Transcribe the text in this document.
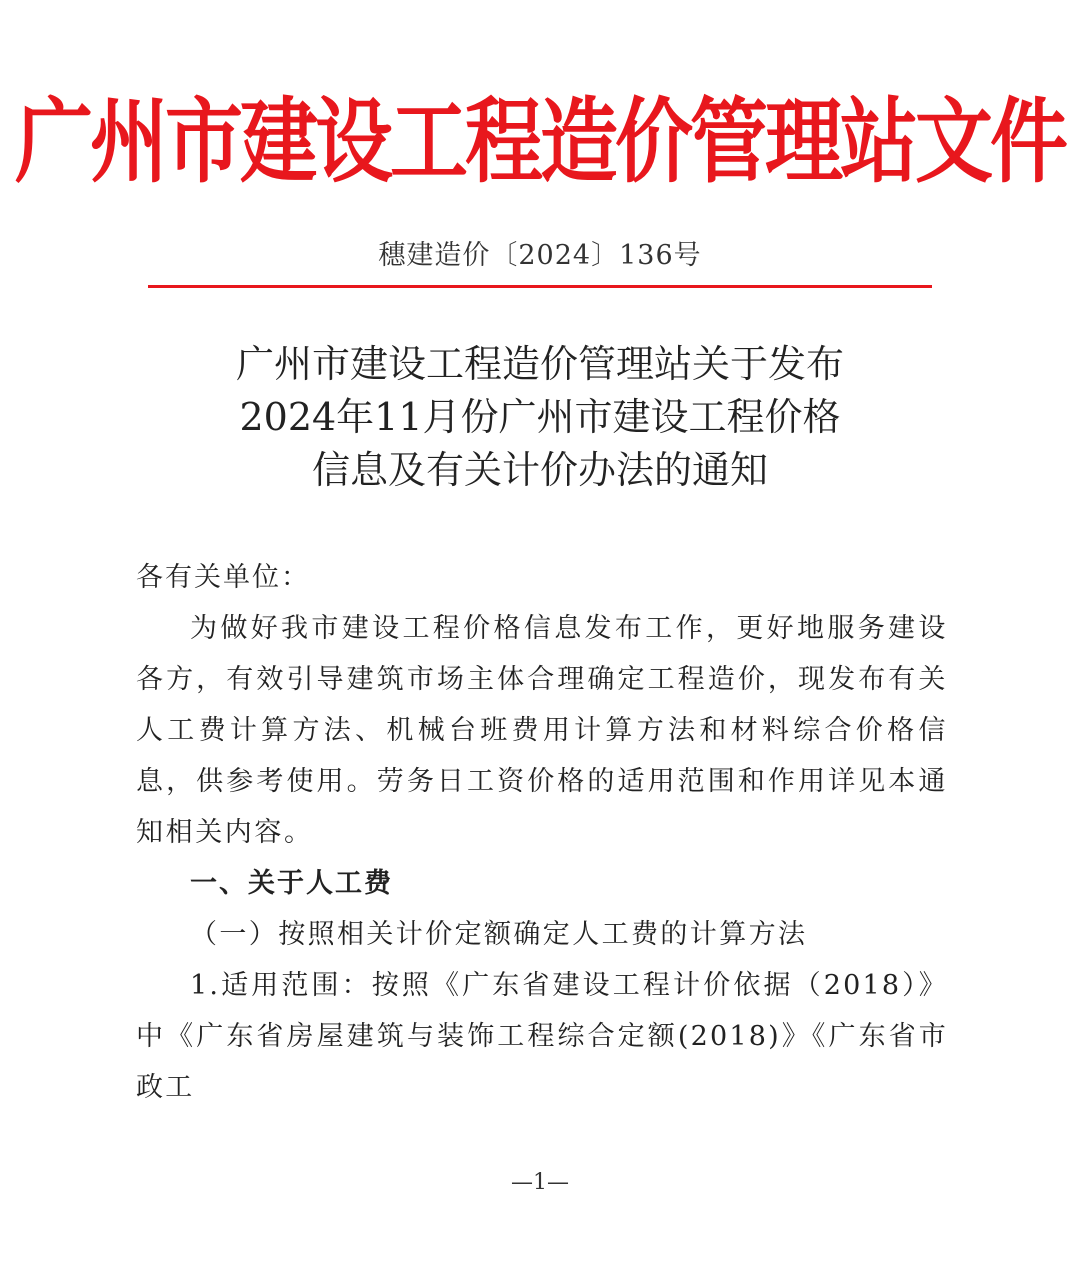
广州市建设工程造价管理站文件
穗建造价〔2024〕136号
广州市建设工程造价管理站关于发布
2024年11月份广州市建设工程价格
信息及有关计价办法的通知

各有关单位：

为做好我市建设工程价格信息发布工作，更好地服务建设各方，有效引导建筑市场主体合理确定工程造价，现发布有关人工费计算方法、机械台班费用计算方法和材料综合价格信息，供参考使用。劳务日工资价格的适用范围和作用详见本通知相关内容。

一、关于人工费

（一）按照相关计价定额确定人工费的计算方法

1.适用范围：按照《广东省建设工程计价依据（2018）》中《广东省房屋建筑与装饰工程综合定额(2018)》《广东省市政工

—1—
